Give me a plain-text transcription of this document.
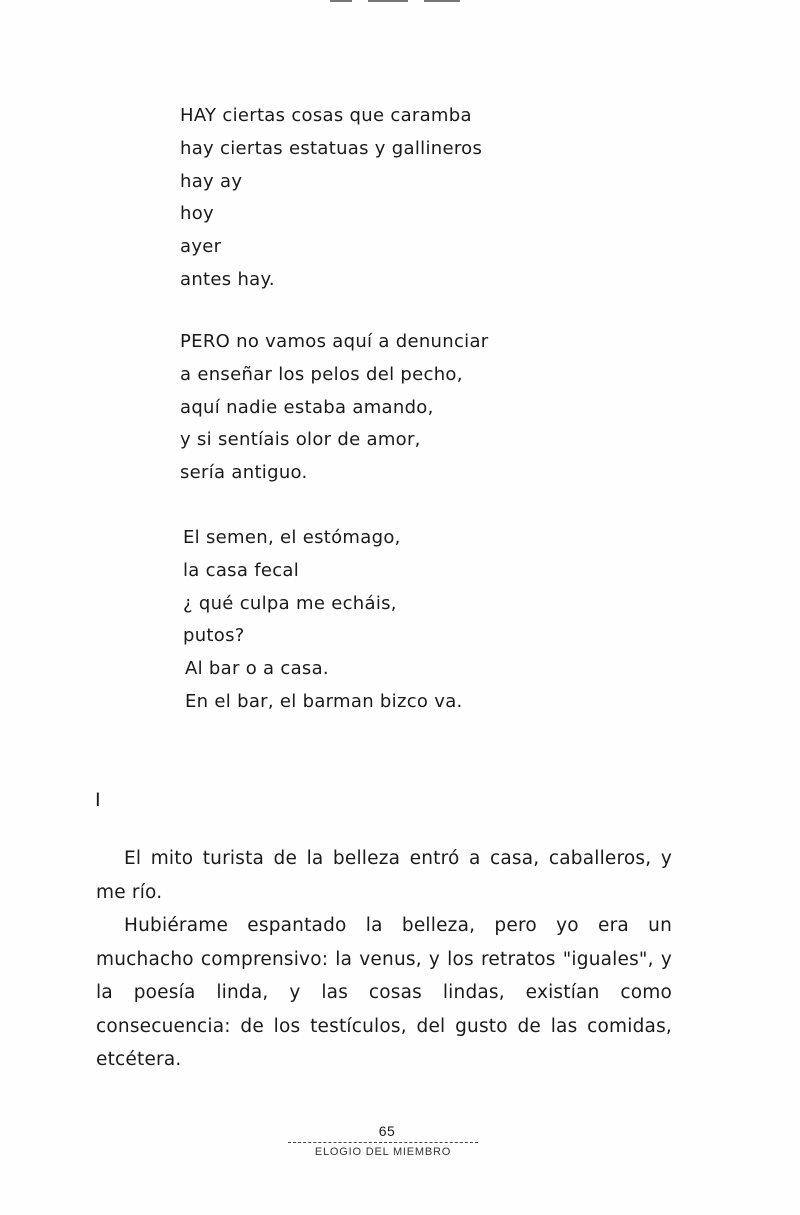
HAY ciertas cosas que caramba
hay ciertas estatuas y gallineros
hay ay
hoy
ayer
antes hay.
PERO no vamos aquí a denunciar
a enseñar los pelos del pecho,
aquí nadie estaba amando,
y si sentíais olor de amor,
sería antiguo.
El semen, el estómago,
la casa fecal
¿ qué culpa me echáis,
putos?
Al bar o a casa.
En el bar, el barman bizco va.
I

El mito turista de la belleza entró a casa, caballeros, y me río.

Hubiérame espantado la belleza, pero yo era un muchacho comprensivo: la venus, y los retratos "iguales", y la poesía linda, y las cosas lindas, existían como consecuencia: de los testículos, del gusto de las comidas, etcétera.

65
ELOGIO DEL MIEMBRO
